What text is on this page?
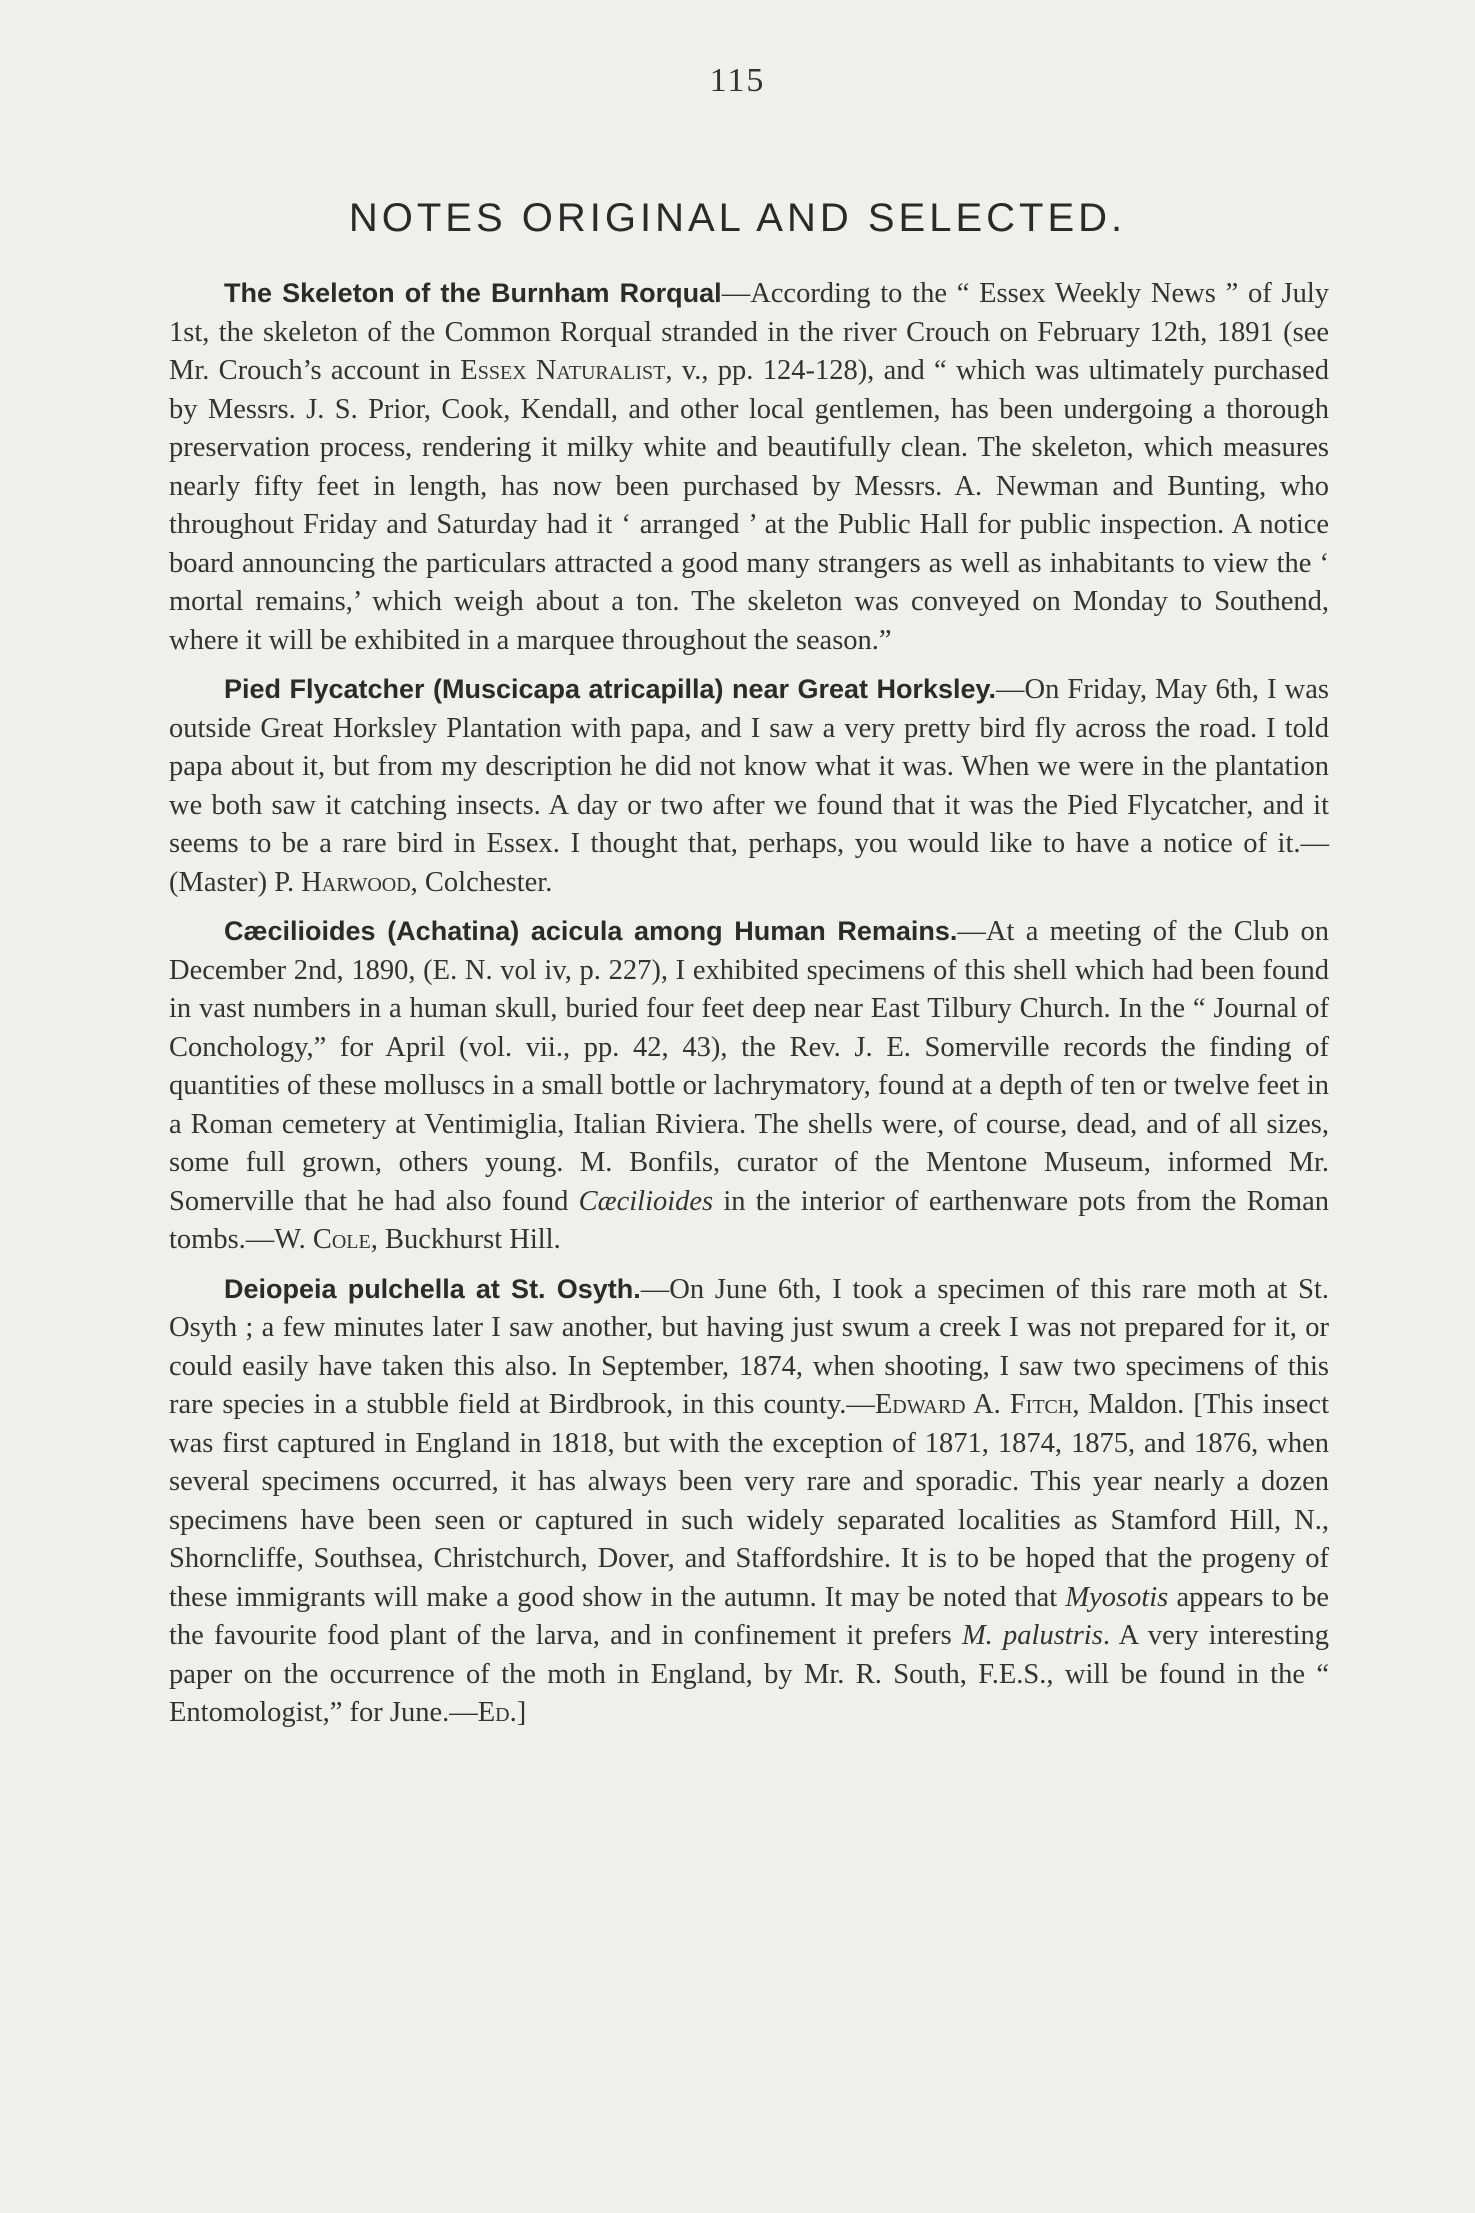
115
NOTES ORIGINAL AND SELECTED.

The Skeleton of the Burnham Rorqual—According to the “ Essex Weekly News ” of July 1st, the skeleton of the Common Rorqual stranded in the river Crouch on February 12th, 1891 (see Mr. Crouch’s account in Essex Naturalist, v., pp. 124-128), and “ which was ultimately purchased by Messrs. J. S. Prior, Cook, Kendall, and other local gentlemen, has been undergoing a thorough preservation process, rendering it milky white and beautifully clean. The skeleton, which measures nearly fifty feet in length, has now been purchased by Messrs. A. Newman and Bunting, who throughout Friday and Saturday had it ‘ arranged ’ at the Public Hall for public inspection. A notice board announcing the particulars attracted a good many strangers as well as inhabitants to view the ‘ mortal remains,’ which weigh about a ton. The skeleton was conveyed on Monday to Southend, where it will be exhibited in a marquee throughout the season.”

Pied Flycatcher (Muscicapa atricapilla) near Great Horksley.—On Friday, May 6th, I was outside Great Horksley Plantation with papa, and I saw a very pretty bird fly across the road. I told papa about it, but from my description he did not know what it was. When we were in the plantation we both saw it catching insects. A day or two after we found that it was the Pied Flycatcher, and it seems to be a rare bird in Essex. I thought that, perhaps, you would like to have a notice of it.—(Master) P. Harwood, Colchester.

Cæcilioides (Achatina) acicula among Human Remains.—At a meeting of the Club on December 2nd, 1890, (E. N. vol iv, p. 227), I exhibited specimens of this shell which had been found in vast numbers in a human skull, buried four feet deep near East Tilbury Church. In the “ Journal of Conchology,” for April (vol. vii., pp. 42, 43), the Rev. J. E. Somerville records the finding of quantities of these molluscs in a small bottle or lachrymatory, found at a depth of ten or twelve feet in a Roman cemetery at Ventimiglia, Italian Riviera. The shells were, of course, dead, and of all sizes, some full grown, others young. M. Bonfils, curator of the Mentone Museum, informed Mr. Somerville that he had also found Cæcilioides in the interior of earthenware pots from the Roman tombs.—W. Cole, Buckhurst Hill.

Deiopeia pulchella at St. Osyth.—On June 6th, I took a specimen of this rare moth at St. Osyth ; a few minutes later I saw another, but having just swum a creek I was not prepared for it, or could easily have taken this also. In September, 1874, when shooting, I saw two specimens of this rare species in a stubble field at Birdbrook, in this county.—Edward A. Fitch, Maldon. [This insect was first captured in England in 1818, but with the exception of 1871, 1874, 1875, and 1876, when several specimens occurred, it has always been very rare and sporadic. This year nearly a dozen specimens have been seen or captured in such widely separated localities as Stamford Hill, N., Shorncliffe, Southsea, Christchurch, Dover, and Staffordshire. It is to be hoped that the progeny of these immigrants will make a good show in the autumn. It may be noted that Myosotis appears to be the favourite food plant of the larva, and in confinement it prefers M. palustris. A very interesting paper on the occurrence of the moth in England, by Mr. R. South, F.E.S., will be found in the “ Entomologist,” for June.—Ed.]
